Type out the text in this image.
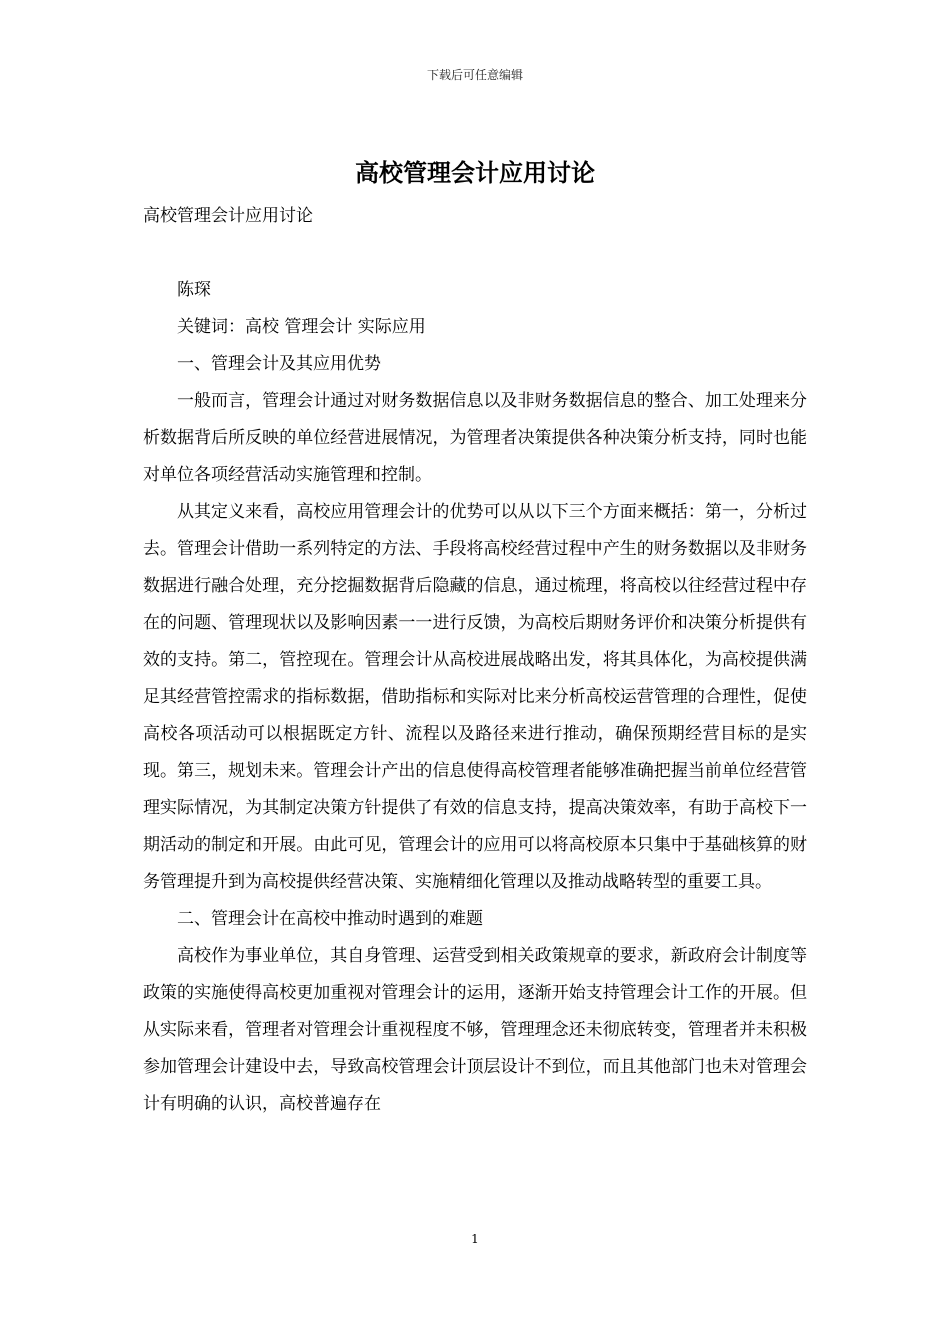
下载后可任意编辑
高校管理会计应用讨论
高校管理会计应用讨论

陈琛

关键词：高校 管理会计 实际应用

一、管理会计及其应用优势

一般而言，管理会计通过对财务数据信息以及非财务数据信息的整合、加工处理来分析数据背后所反映的单位经营进展情况，为管理者决策提供各种决策分析支持，同时也能对单位各项经营活动实施管理和控制。

从其定义来看，高校应用管理会计的优势可以从以下三个方面来概括：第一，分析过去。管理会计借助一系列特定的方法、手段将高校经营过程中产生的财务数据以及非财务数据进行融合处理，充分挖掘数据背后隐藏的信息，通过梳理，将高校以往经营过程中存在的问题、管理现状以及影响因素一一进行反馈，为高校后期财务评价和决策分析提供有效的支持。第二，管控现在。管理会计从高校进展战略出发，将其具体化，为高校提供满足其经营管控需求的指标数据，借助指标和实际对比来分析高校运营管理的合理性，促使高校各项活动可以根据既定方针、流程以及路径来进行推动，确保预期经营目标的是实现。第三，规划未来。管理会计产出的信息使得高校管理者能够准确把握当前单位经营管理实际情况，为其制定决策方针提供了有效的信息支持，提高决策效率，有助于高校下一期活动的制定和开展。由此可见，管理会计的应用可以将高校原本只集中于基础核算的财务管理提升到为高校提供经营决策、实施精细化管理以及推动战略转型的重要工具。

二、管理会计在高校中推动时遇到的难题

高校作为事业单位，其自身管理、运营受到相关政策规章的要求，新政府会计制度等政策的实施使得高校更加重视对管理会计的运用，逐渐开始支持管理会计工作的开展。但从实际来看，管理者对管理会计重视程度不够，管理理念还未彻底转变，管理者并未积极参加管理会计建设中去，导致高校管理会计顶层设计不到位，而且其他部门也未对管理会计有明确的认识，高校普遍存在

1
